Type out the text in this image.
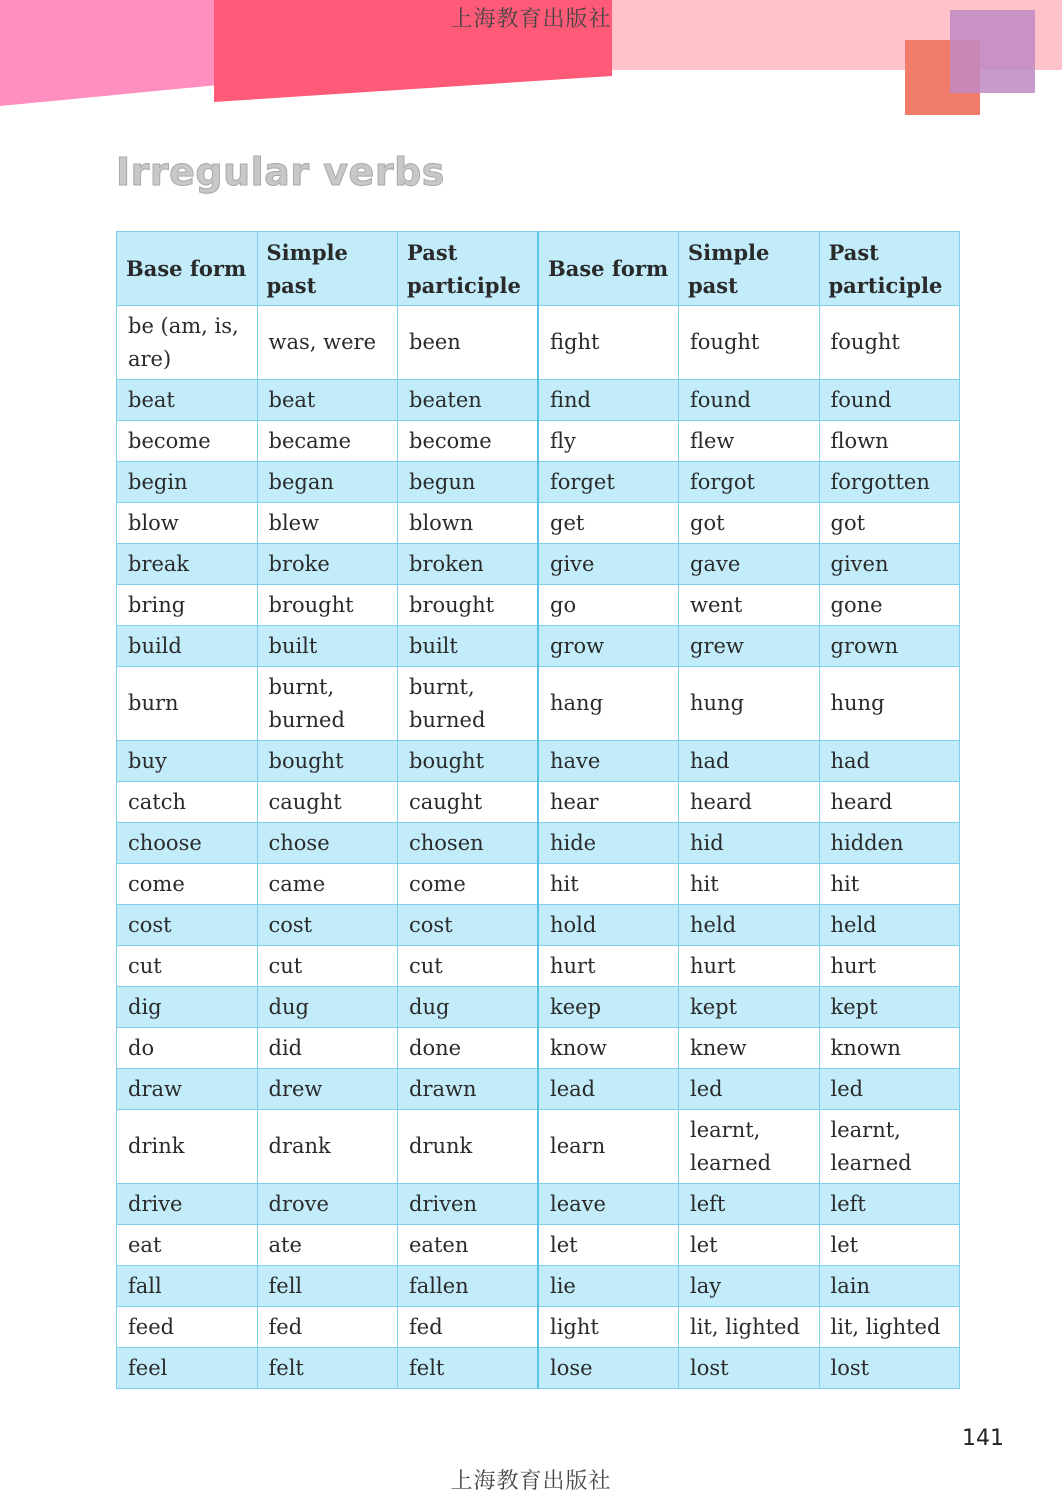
上海教育出版社
Irregular verbs
Base form	Simple past	Past participle	Base form	Simple past	Past participle
be (am, is, are)	was, were	been	fight	fought	fought
beat	beat	beaten	find	found	found
become	became	become	fly	flew	flown
begin	began	begun	forget	forgot	forgotten
blow	blew	blown	get	got	got
break	broke	broken	give	gave	given
bring	brought	brought	go	went	gone
build	built	built	grow	grew	grown
burn	burnt, burned	burnt, burned	hang	hung	hung
buy	bought	bought	have	had	had
catch	caught	caught	hear	heard	heard
choose	chose	chosen	hide	hid	hidden
come	came	come	hit	hit	hit
cost	cost	cost	hold	held	held
cut	cut	cut	hurt	hurt	hurt
dig	dug	dug	keep	kept	kept
do	did	done	know	knew	known
draw	drew	drawn	lead	led	led
drink	drank	drunk	learn	learnt, learned	learnt, learned
drive	drove	driven	leave	left	left
eat	ate	eaten	let	let	let
fall	fell	fallen	lie	lay	lain
feed	fed	fed	light	lit, lighted	lit, lighted
feel	felt	felt	lose	lost	lost
141
上海教育出版社
